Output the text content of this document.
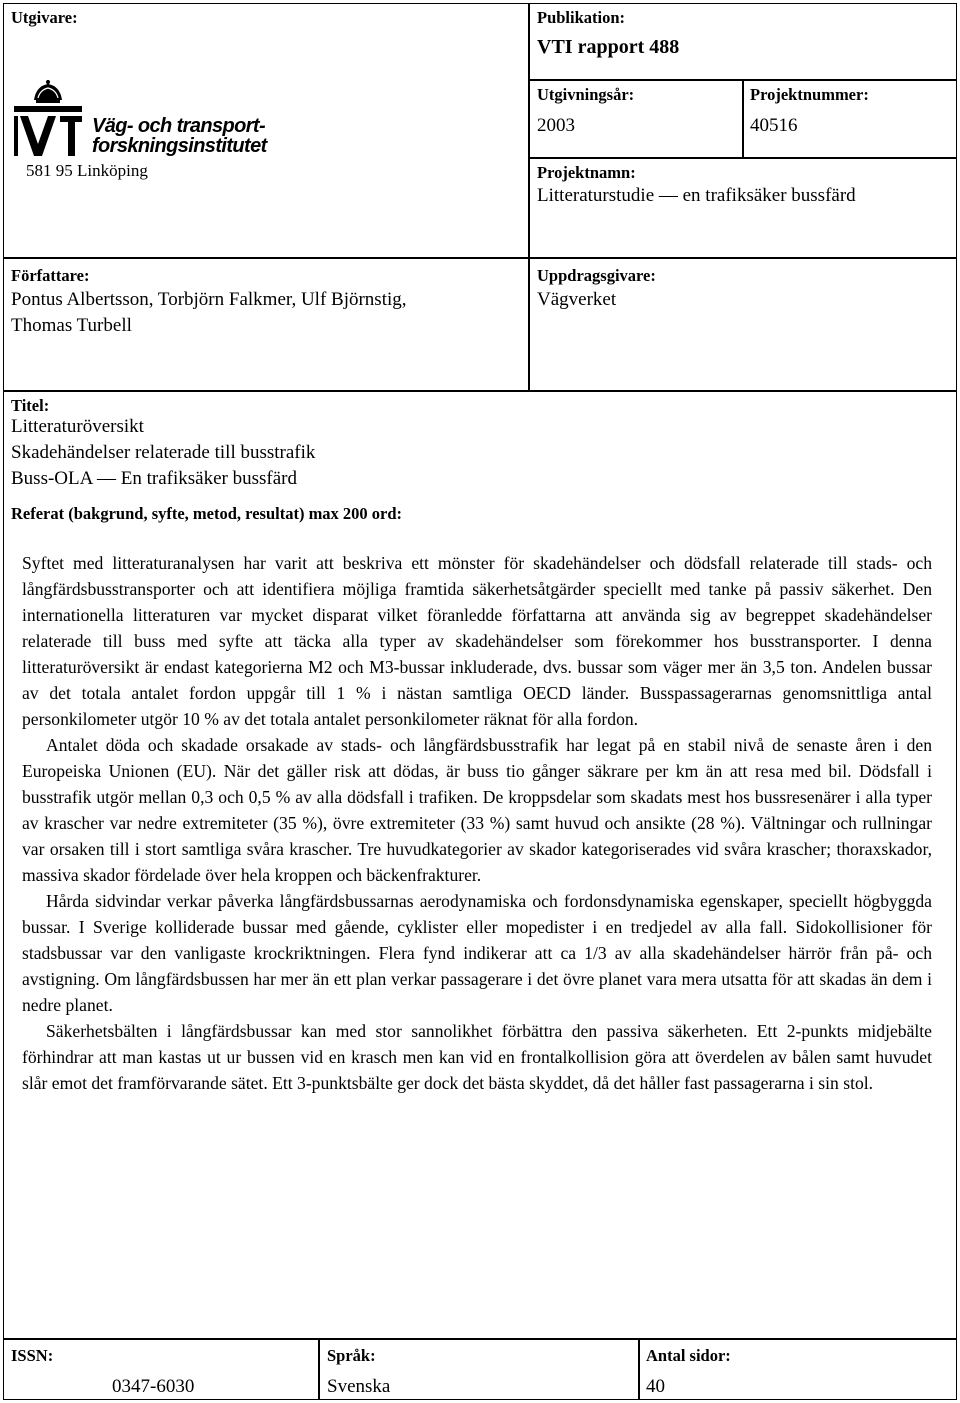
Utgivare:
Väg- och transport-
forskningsinstitutet
581 95 Linköping
Publikation:
VTI rapport 488
Utgivningsår:
2003
Projektnummer:
40516
Projektnamn:
Litteraturstudie — en trafiksäker bussfärd
Författare:
Pontus Albertsson, Torbjörn Falkmer, Ulf Björnstig,
Thomas Turbell
Uppdragsgivare:
Vägverket
Titel:
Litteraturöversikt
Skadehändelser relaterade till busstrafik
Buss-OLA — En trafiksäker bussfärd
Referat (bakgrund, syfte, metod, resultat) max 200 ord:

Syftet med litteraturanalysen har varit att beskriva ett mönster för skadehändelser och dödsfall relaterade till stads- och långfärdsbusstransporter och att identifiera möjliga framtida säkerhetsåtgärder speciellt med tanke på passiv säkerhet. Den internationella litteraturen var mycket disparat vilket föranledde författarna att använda sig av begreppet skadehändelser relaterade till buss med syfte att täcka alla typer av skadehändelser som förekommer hos busstransporter. I denna litteraturöversikt är endast kategorierna M2 och M3-bussar inkluderade, dvs. bussar som väger mer än 3,5 ton. Andelen bussar av det totala antalet fordon uppgår till 1 % i nästan samtliga OECD länder. Busspassagerarnas genomsnittliga antal personkilometer utgör 10 % av det totala antalet personkilometer räknat för alla fordon.

Antalet döda och skadade orsakade av stads- och långfärdsbusstrafik har legat på en stabil nivå de senaste åren i den Europeiska Unionen (EU). När det gäller risk att dödas, är buss tio gånger säkrare per km än att resa med bil. Dödsfall i busstrafik utgör mellan 0,3 och 0,5 % av alla dödsfall i trafiken. De kroppsdelar som skadats mest hos bussresenärer i alla typer av krascher var nedre extremiteter (35 %), övre extremiteter (33 %) samt huvud och ansikte (28 %). Vältningar och rullningar var orsaken till i stort samtliga svåra krascher. Tre huvudkategorier av skador kategoriserades vid svåra krascher; thoraxskador, massiva skador fördelade över hela kroppen och bäckenfrakturer.

Hårda sidvindar verkar påverka långfärdsbussarnas aerodynamiska och fordonsdynamiska egenskaper, speciellt högbyggda bussar. I Sverige kolliderade bussar med gående, cyklister eller mopedister i en tredjedel av alla fall. Sidokollisioner för stadsbussar var den vanligaste krockriktningen. Flera fynd indikerar att ca 1/3 av alla skadehändelser härrör från på- och avstigning. Om långfärdsbussen har mer än ett plan verkar passagerare i det övre planet vara mera utsatta för att skadas än dem i nedre planet.

Säkerhetsbälten i långfärdsbussar kan med stor sannolikhet förbättra den passiva säkerheten. Ett 2-punkts midjebälte förhindrar att man kastas ut ur bussen vid en krasch men kan vid en frontalkollision göra att överdelen av bålen samt huvudet slår emot det framförvarande sätet. Ett 3-punktsbälte ger dock det bästa skyddet, då det håller fast passagerarna i sin stol.

ISSN:
0347-6030
Språk:
Svenska
Antal sidor:
40
